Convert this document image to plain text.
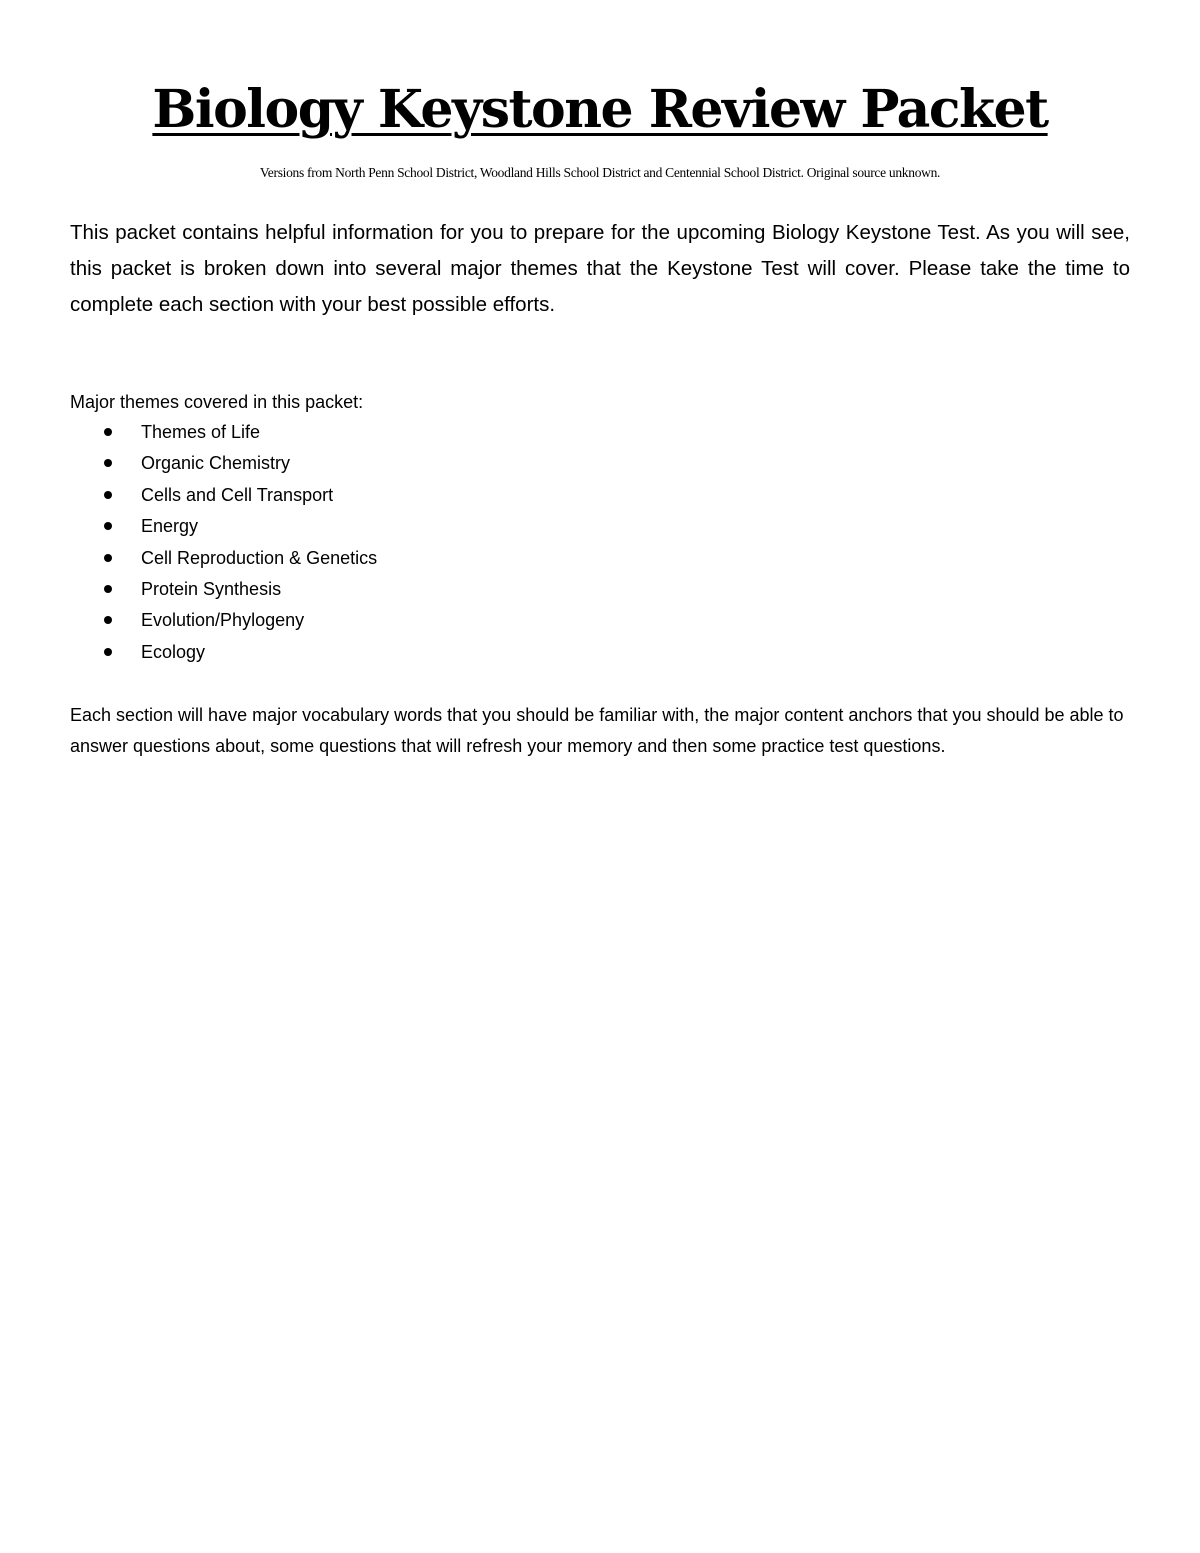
Biology Keystone Review Packet

Versions from North Penn School District, Woodland Hills School District and Centennial School District. Original source unknown.

This packet contains helpful information for you to prepare for the upcoming Biology Keystone Test. As you will see, this packet is broken down into several major themes that the Keystone Test will cover. Please take the time to complete each section with your best possible efforts.

Major themes covered in this packet:

Themes of Life
Organic Chemistry
Cells and Cell Transport
Energy
Cell Reproduction & Genetics
Protein Synthesis
Evolution/Phylogeny
Ecology

Each section will have major vocabulary words that you should be familiar with, the major content anchors that you should be able to answer questions about, some questions that will refresh your memory and then some practice test questions.
